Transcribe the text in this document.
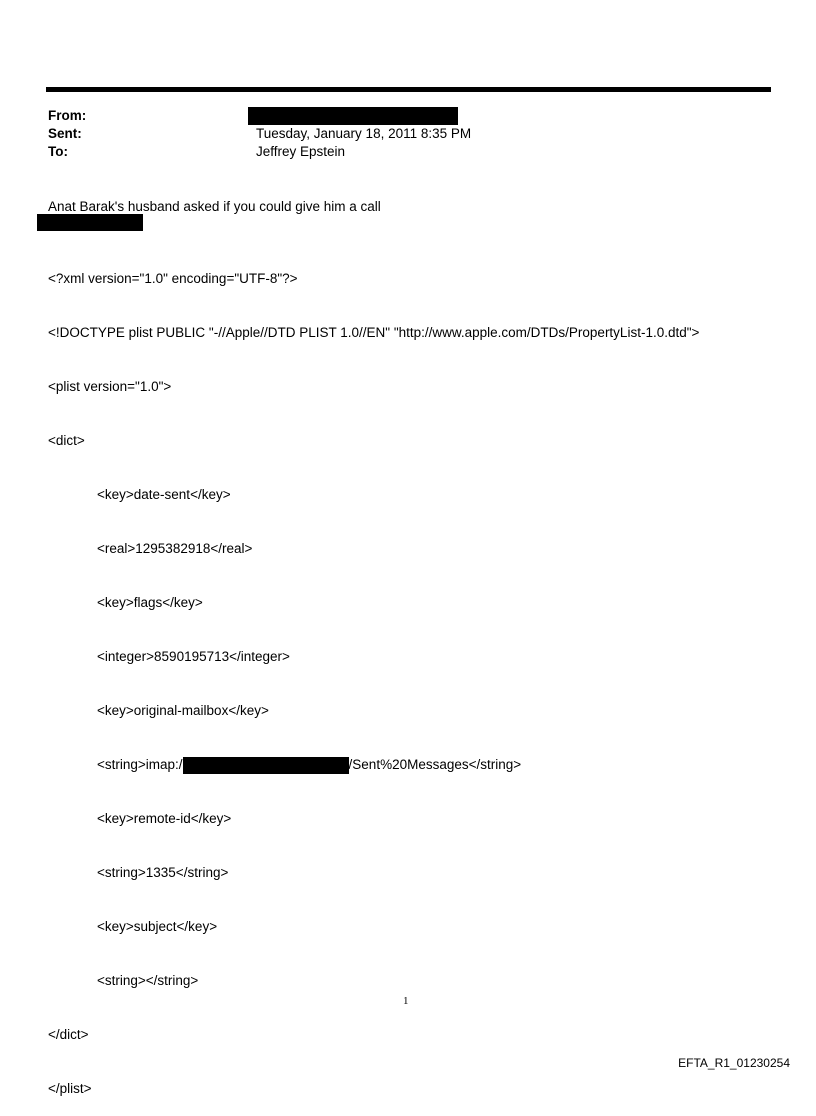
From:
Sent:	Tuesday, January 18, 2011 8:35 PM
To:	Jeffrey Epstein
Anat Barak's husband asked if you could give him a call

<?xml version="1.0" encoding="UTF-8"?>

<!DOCTYPE plist PUBLIC "-//Apple//DTD PLIST 1.0//EN" "http://www.apple.com/DTDs/PropertyList-1.0.dtd">

<plist version="1.0">

<dict>

<key>date-sent</key>

<real>1295382918</real>

<key>flags</key>

<integer>8590195713</integer>

<key>original-mailbox</key>

<string>imap:/	/Sent%20Messages</string>

<key>remote-id</key>

<string>1335</string>

<key>subject</key>

<string></string>

</dict>

</plist>

1
EFTA_R1_01230254
